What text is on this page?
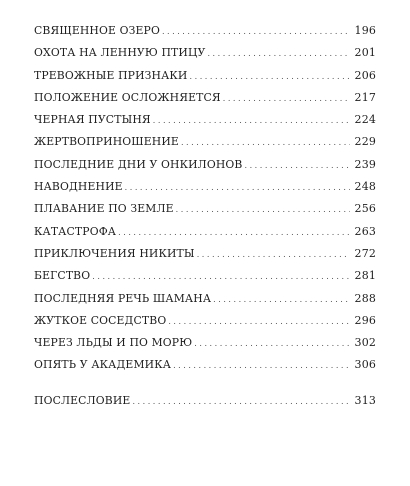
СВЯЩЕННОЕ ОЗЕРО . . .	196
ОХОТА НА ЛЕННУЮ ПТИЦУ . . .	201
ТРЕВОЖНЫЕ ПРИЗНАКИ . . .	206
ПОЛОЖЕНИЕ ОСЛОЖНЯЕТСЯ . . .	217
ЧЕРНАЯ ПУСТЫНЯ . . .	224
ЖЕРТВОПРИНОШЕНИЕ . . .	229
ПОСЛЕДНИЕ ДНИ У ОНКИЛОНОВ . . .	239
НАВОДНЕНИЕ . . .	248
ПЛАВАНИЕ ПО ЗЕМЛЕ . . .	256
КАТАСТРОФА . . .	263
ПРИКЛЮЧЕНИЯ НИКИТЫ . . .	272
БЕГСТВО . . .	281
ПОСЛЕДНЯЯ РЕЧЬ ШАМАНА . . .	288
ЖУТКОЕ СОСЕДСТВО . . .	296
ЧЕРЕЗ ЛЬДЫ И ПО МОРЮ . . .	302
ОПЯТЬ У АКАДЕМИКА . . .	306
ПОСЛЕСЛОВИЕ . . .	313
